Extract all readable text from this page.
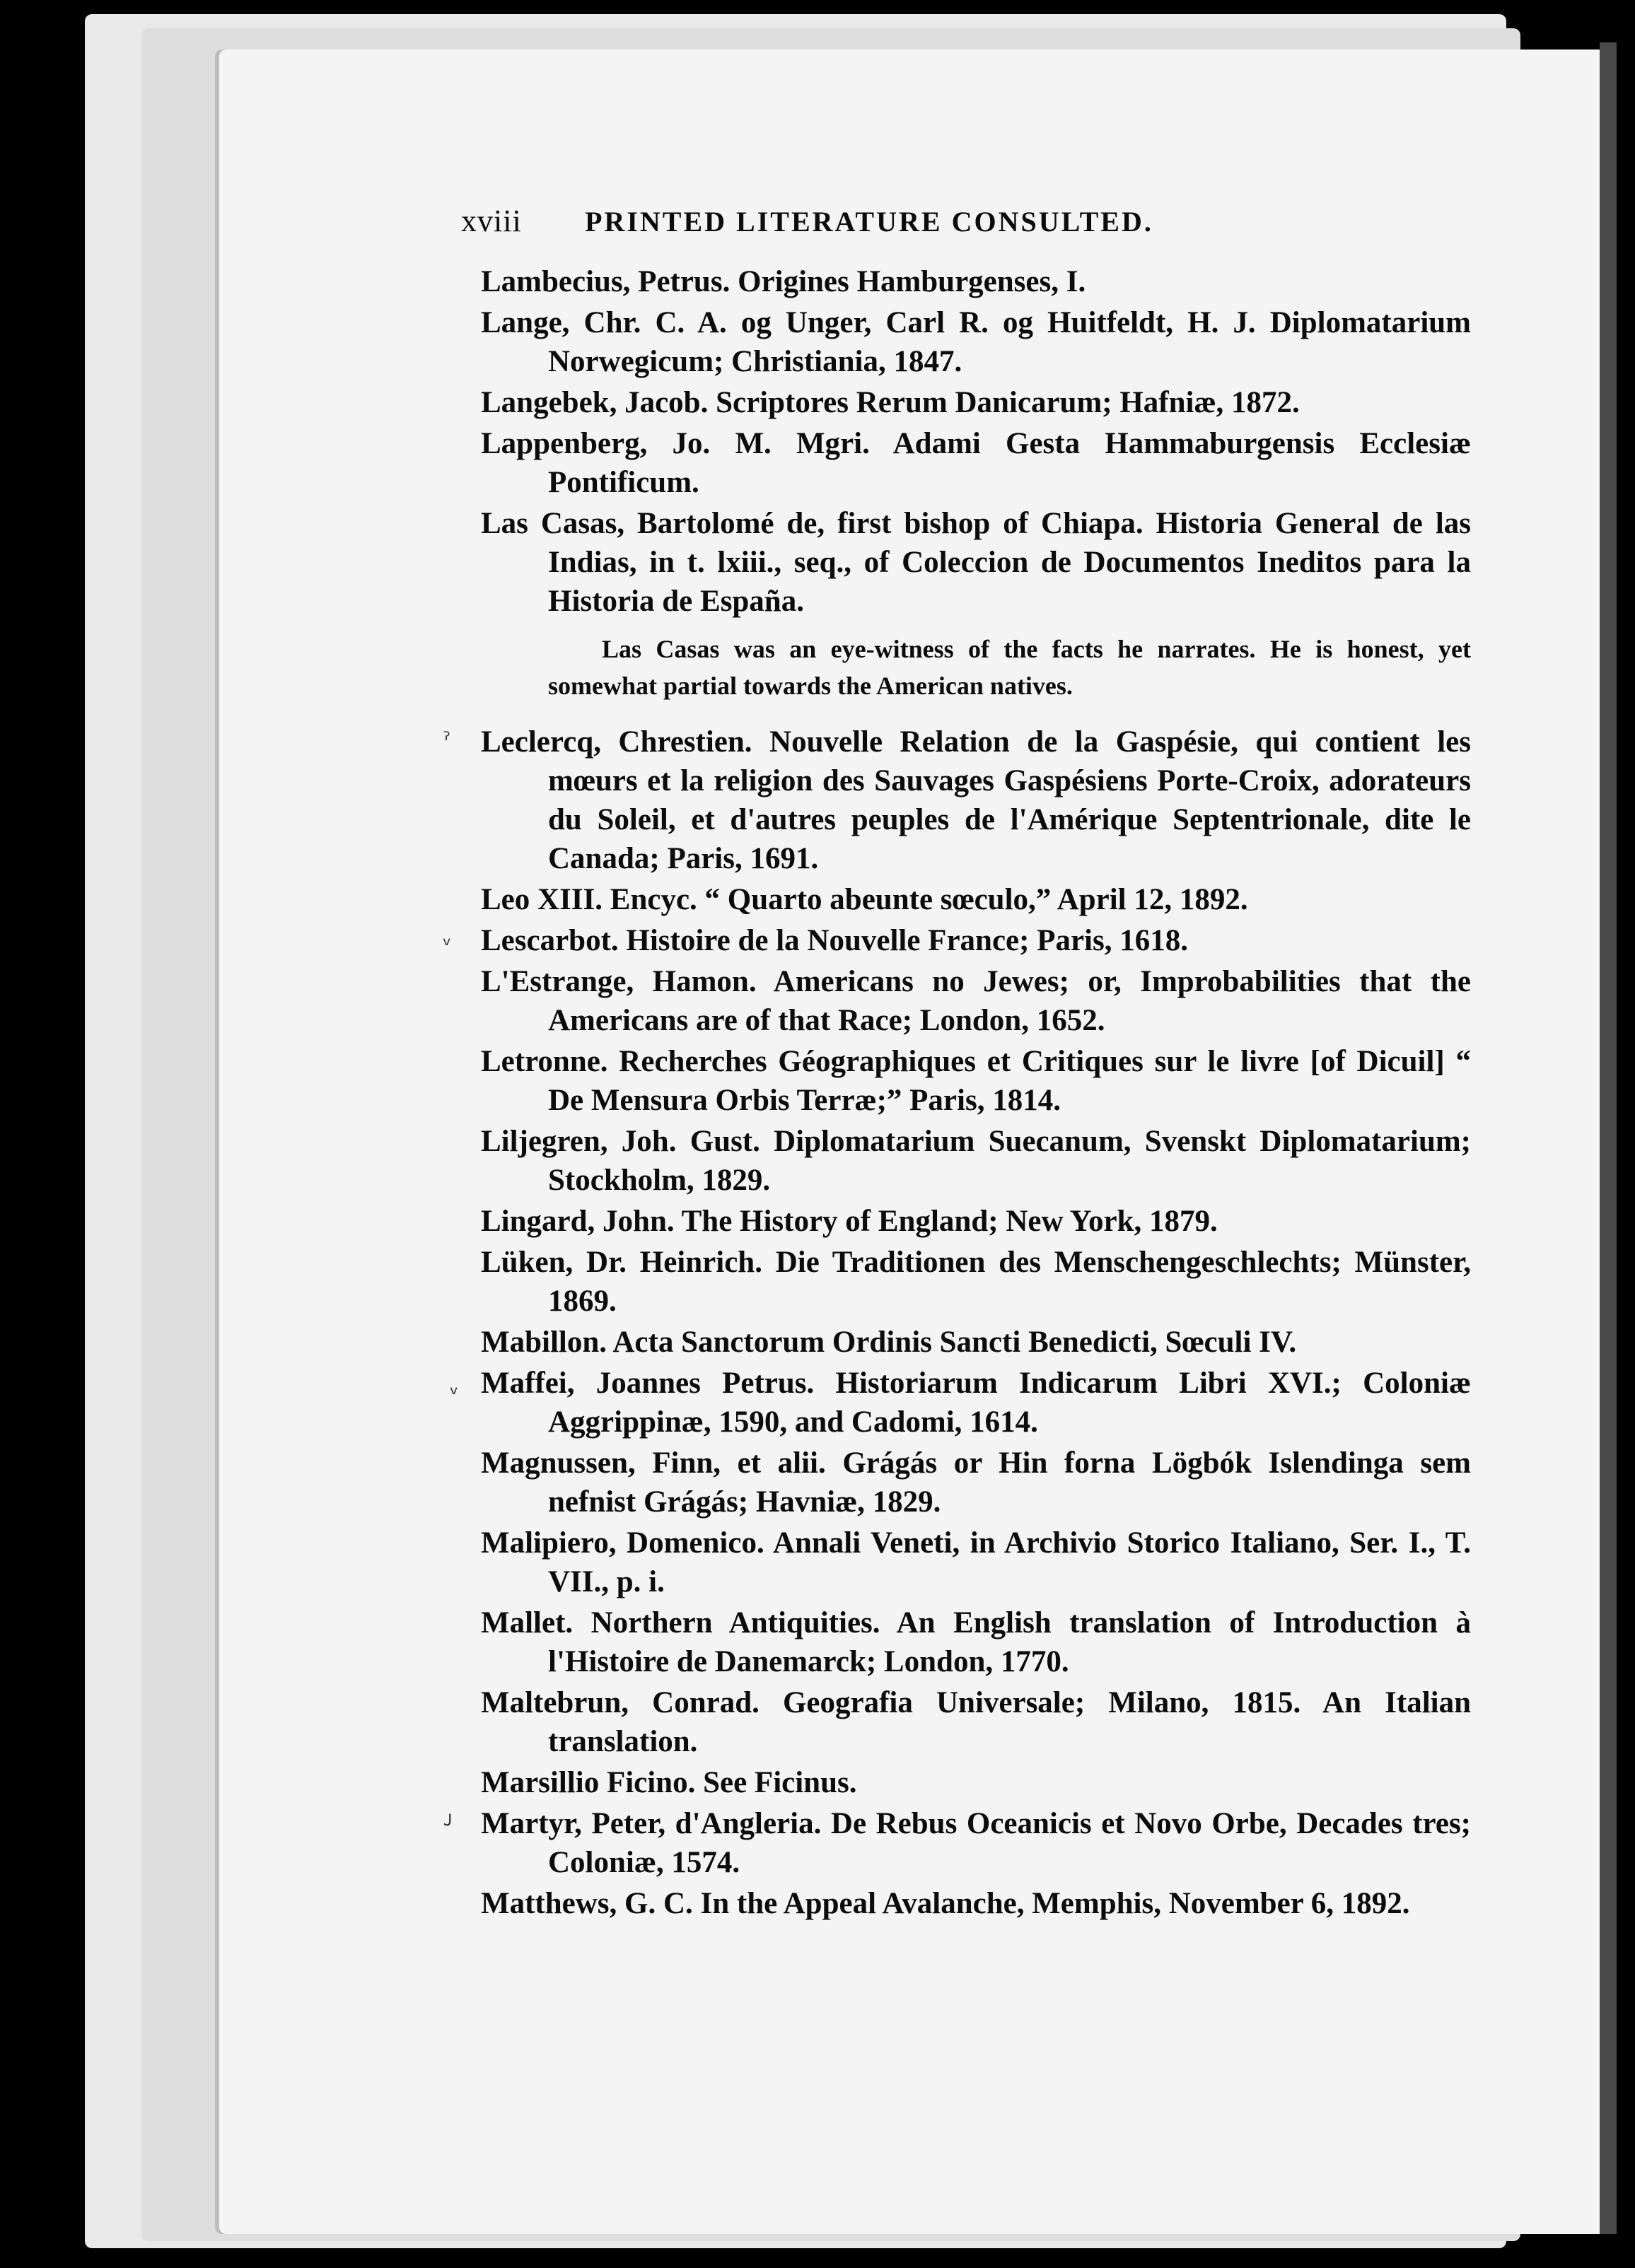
ˀ
ᵥ
ᵥ
ᴊ
xviii	PRINTED LITERATURE CONSULTED.

Lambecius, Petrus. Origines Hamburgenses, I.

Lange, Chr. C. A. og Unger, Carl R. og Huitfeldt, H. J. Diplomatarium Norwegicum; Christiania, 1847.

Langebek, Jacob. Scriptores Rerum Danicarum; Hafniæ, 1872.

Lappenberg, Jo. M. Mgri. Adami Gesta Hammaburgensis Ecclesiæ Pontificum.

Las Casas, Bartolomé de, first bishop of Chiapa. Historia General de las Indias, in t. lxiii., seq., of Coleccion de Documentos Ineditos para la Historia de España.

Las Casas was an eye-witness of the facts he narrates. He is honest, yet somewhat partial towards the American natives.

Leclercq, Chrestien. Nouvelle Relation de la Gaspésie, qui contient les mœurs et la religion des Sauvages Gaspésiens Porte-Croix, adorateurs du Soleil, et d'autres peuples de l'Amérique Septentrionale, dite le Canada; Paris, 1691.

Leo XIII. Encyc. “ Quarto abeunte sœculo,” April 12, 1892.

Lescarbot. Histoire de la Nouvelle France; Paris, 1618.

L'Estrange, Hamon. Americans no Jewes; or, Improbabilities that the Americans are of that Race; London, 1652.

Letronne. Recherches Géographiques et Critiques sur le livre [of Dicuil] “ De Mensura Orbis Terræ;” Paris, 1814.

Liljegren, Joh. Gust. Diplomatarium Suecanum, Svenskt Diplomatarium; Stockholm, 1829.

Lingard, John. The History of England; New York, 1879.

Lüken, Dr. Heinrich. Die Traditionen des Menschengeschlechts; Münster, 1869.

Mabillon. Acta Sanctorum Ordinis Sancti Benedicti, Sœculi IV.

Maffei, Joannes Petrus. Historiarum Indicarum Libri XVI.; Coloniæ Aggrippinæ, 1590, and Cadomi, 1614.

Magnussen, Finn, et alii. Grágás or Hin forna Lögbók Islendinga sem nefnist Grágás; Havniæ, 1829.

Malipiero, Domenico. Annali Veneti, in Archivio Storico Italiano, Ser. I., T. VII., p. i.

Mallet. Northern Antiquities. An English translation of Introduction à l'Histoire de Danemarck; London, 1770.

Maltebrun, Conrad. Geografia Universale; Milano, 1815. An Italian translation.

Marsillio Ficino. See Ficinus.

Martyr, Peter, d'Angleria. De Rebus Oceanicis et Novo Orbe, Decades tres; Coloniæ, 1574.

Matthews, G. C. In the Appeal Avalanche, Memphis, November 6, 1892.
